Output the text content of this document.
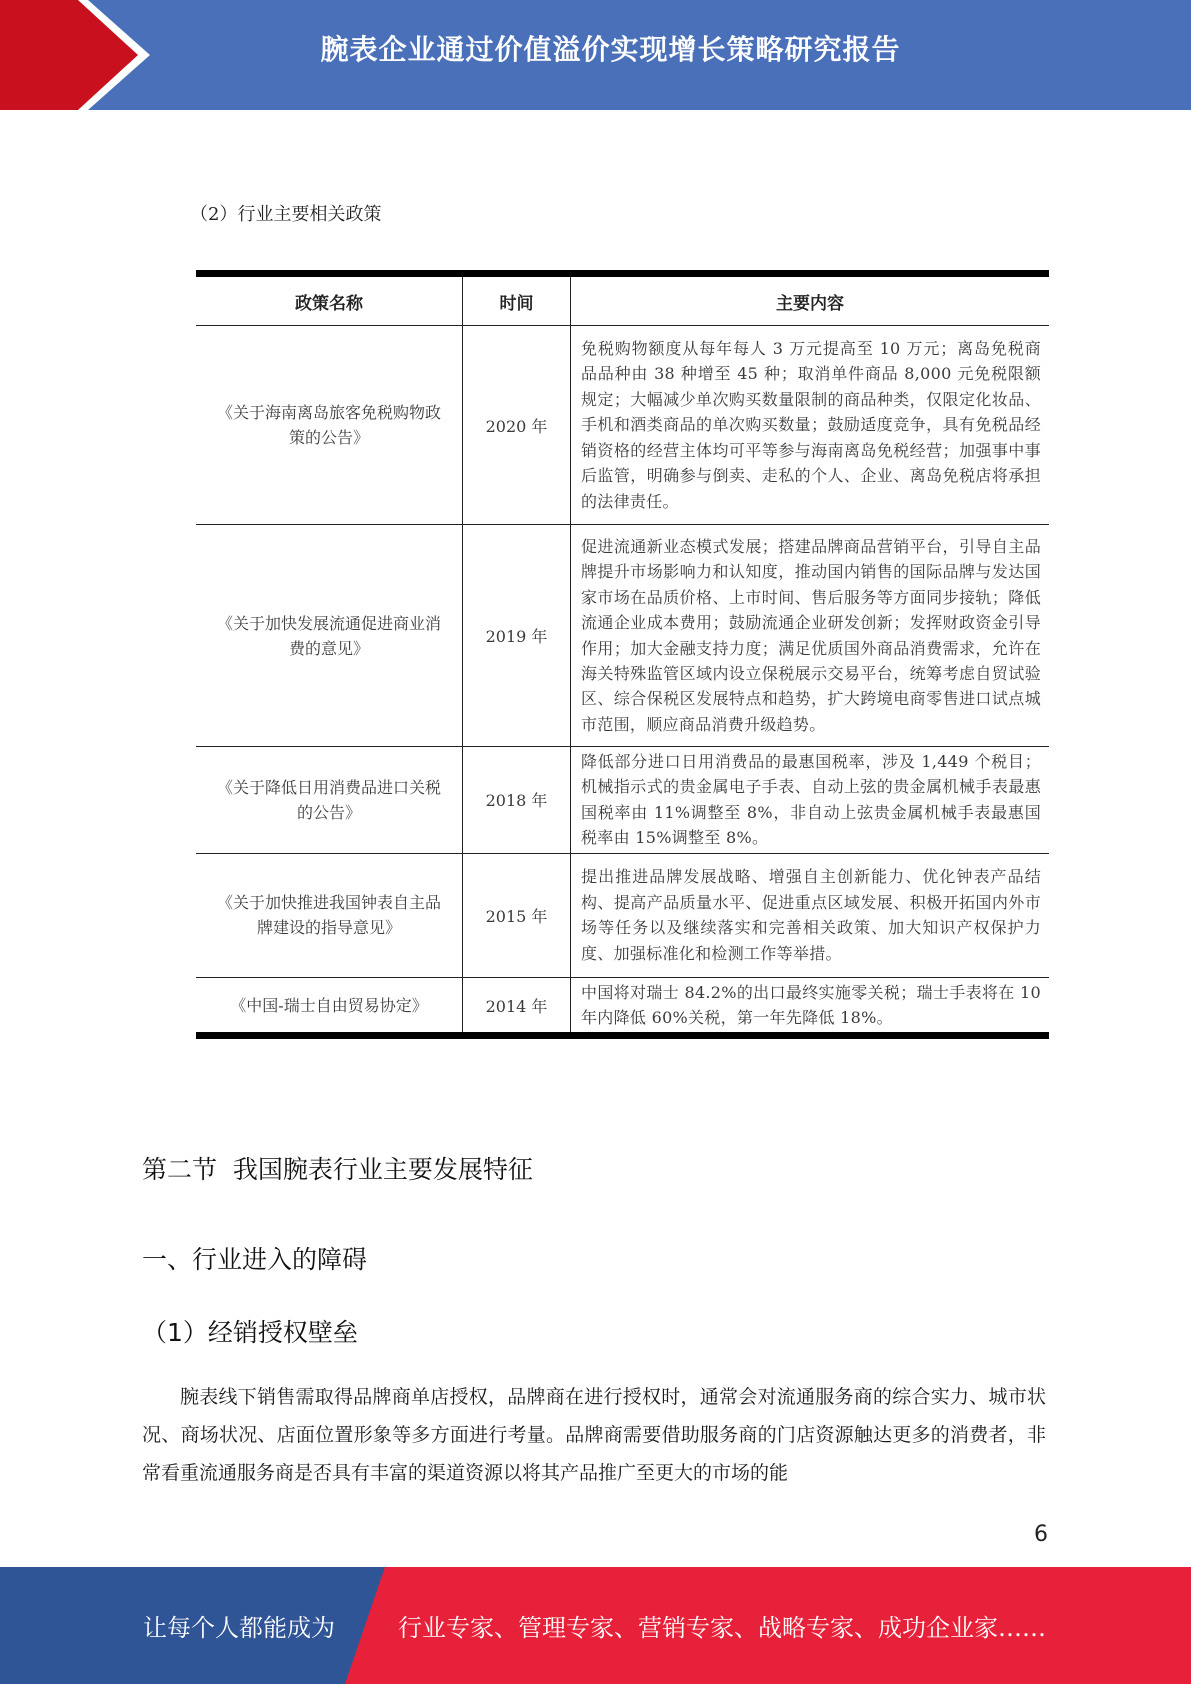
腕表企业通过价值溢价实现增长策略研究报告
（2）行业主要相关政策
政策名称	时间	主要内容
《关于海南离岛旅客免税购物政策的公告》	2020 年	免税购物额度从每年每人 3 万元提高至 10 万元；离岛免税商品品种由 38 种增至 45 种；取消单件商品 8,000 元免税限额规定；大幅减少单次购买数量限制的商品种类，仅限定化妆品、手机和酒类商品的单次购买数量；鼓励适度竞争，具有免税品经销资格的经营主体均可平等参与海南离岛免税经营；加强事中事后监管，明确参与倒卖、走私的个人、企业、离岛免税店将承担的法律责任。
《关于加快发展流通促进商业消费的意见》	2019 年	促进流通新业态模式发展；搭建品牌商品营销平台，引导自主品牌提升市场影响力和认知度，推动国内销售的国际品牌与发达国家市场在品质价格、上市时间、售后服务等方面同步接轨；降低流通企业成本费用；鼓励流通企业研发创新；发挥财政资金引导作用；加大金融支持力度；满足优质国外商品消费需求，允许在海关特殊监管区域内设立保税展示交易平台，统筹考虑自贸试验区、综合保税区发展特点和趋势，扩大跨境电商零售进口试点城市范围，顺应商品消费升级趋势。
《关于降低日用消费品进口关税的公告》	2018 年	降低部分进口日用消费品的最惠国税率，涉及 1,449 个税目；机械指示式的贵金属电子手表、自动上弦的贵金属机械手表最惠国税率由 11%调整至 8%，非自动上弦贵金属机械手表最惠国税率由 15%调整至 8%。
《关于加快推进我国钟表自主品牌建设的指导意见》	2015 年	提出推进品牌发展战略、增强自主创新能力、优化钟表产品结构、提高产品质量水平、促进重点区域发展、积极开拓国内外市场等任务以及继续落实和完善相关政策、加大知识产权保护力度、加强标准化和检测工作等举措。
《中国-瑞士自由贸易协定》	2014 年	中国将对瑞士 84.2%的出口最终实施零关税；瑞士手表将在 10 年内降低 60%关税，第一年先降低 18%。
第二节  我国腕表行业主要发展特征
一、行业进入的障碍
（1）经销授权壁垒

腕表线下销售需取得品牌商单店授权，品牌商在进行授权时，通常会对流通服务商的综合实力、城市状况、商场状况、店面位置形象等多方面进行考量。品牌商需要借助服务商的门店资源触达更多的消费者，非常看重流通服务商是否具有丰富的渠道资源以将其产品推广至更大的市场的能

6
让每个人都能成为	行业专家、管理专家、营销专家、战略专家、成功企业家……
